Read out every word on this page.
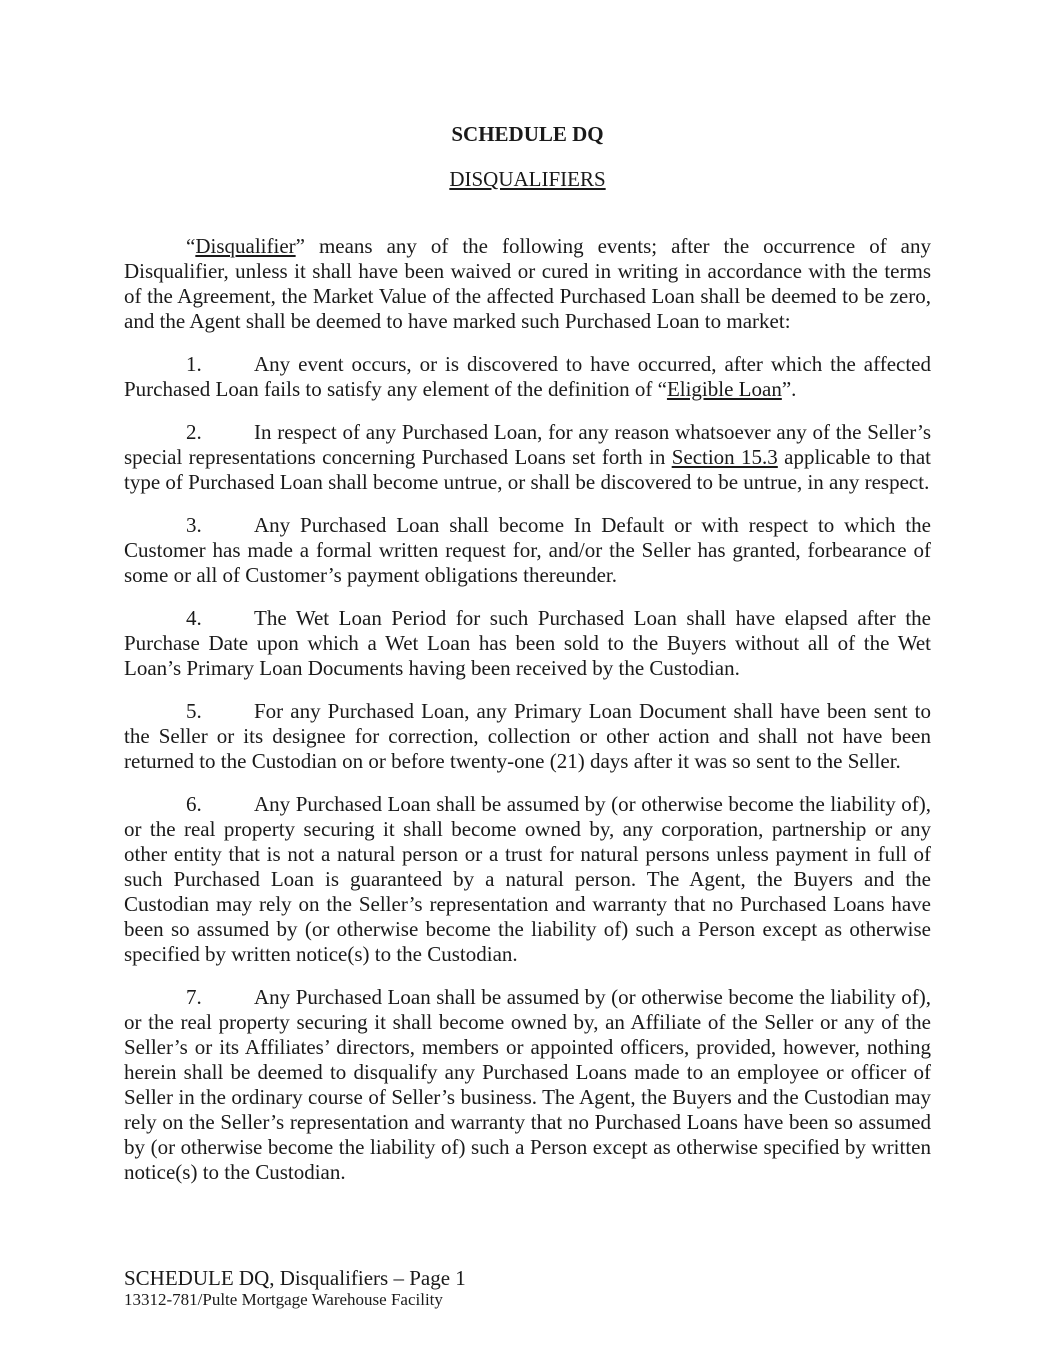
SCHEDULE DQ
DISQUALIFIERS

“Disqualifier” means any of the following events; after the occurrence of any Disqualifier, unless it shall have been waived or cured in writing in accordance with the terms of the Agreement, the Market Value of the affected Purchased Loan shall be deemed to be zero, and the Agent shall be deemed to have marked such Purchased Loan to market:

1. Any event occurs, or is discovered to have occurred, after which the affected Purchased Loan fails to satisfy any element of the definition of “Eligible Loan”.

2. In respect of any Purchased Loan, for any reason whatsoever any of the Seller’s special representations concerning Purchased Loans set forth in Section 15.3 applicable to that type of Purchased Loan shall become untrue, or shall be discovered to be untrue, in any respect.

3. Any Purchased Loan shall become In Default or with respect to which the Customer has made a formal written request for, and/or the Seller has granted, forbearance of some or all of Customer’s payment obligations thereunder.

4. The Wet Loan Period for such Purchased Loan shall have elapsed after the Purchase Date upon which a Wet Loan has been sold to the Buyers without all of the Wet Loan’s Primary Loan Documents having been received by the Custodian.

5. For any Purchased Loan, any Primary Loan Document shall have been sent to the Seller or its designee for correction, collection or other action and shall not have been returned to the Custodian on or before twenty-one (21) days after it was so sent to the Seller.

6. Any Purchased Loan shall be assumed by (or otherwise become the liability of), or the real property securing it shall become owned by, any corporation, partnership or any other entity that is not a natural person or a trust for natural persons unless payment in full of such Purchased Loan is guaranteed by a natural person. The Agent, the Buyers and the Custodian may rely on the Seller’s representation and warranty that no Purchased Loans have been so assumed by (or otherwise become the liability of) such a Person except as otherwise specified by written notice(s) to the Custodian.

7. Any Purchased Loan shall be assumed by (or otherwise become the liability of), or the real property securing it shall become owned by, an Affiliate of the Seller or any of the Seller’s or its Affiliates’ directors, members or appointed officers, provided, however, nothing herein shall be deemed to disqualify any Purchased Loans made to an employee or officer of Seller in the ordinary course of Seller’s business. The Agent, the Buyers and the Custodian may rely on the Seller’s representation and warranty that no Purchased Loans have been so assumed by (or otherwise become the liability of) such a Person except as otherwise specified by written notice(s) to the Custodian.

SCHEDULE DQ, Disqualifiers – Page 1
13312-781/Pulte Mortgage Warehouse Facility
